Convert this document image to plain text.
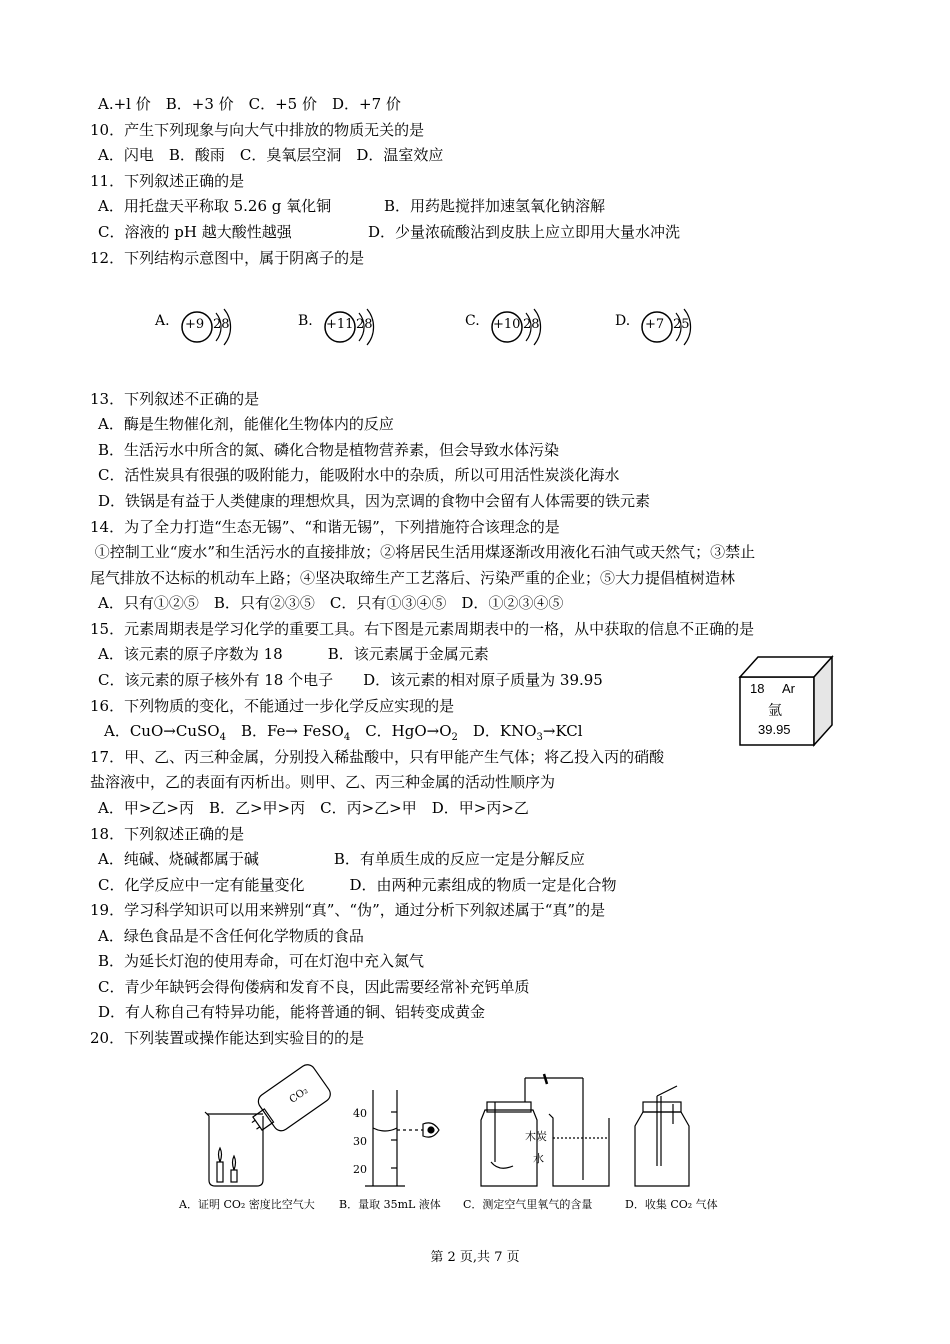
A.+l 价　B．+3 价　C．+5 价　D．+7 价
10．产生下列现象与向大气中排放的物质无关的是
A．闪电　B．酸雨　C．臭氧层空洞　D．温室效应
11．下列叙述正确的是
A．用托盘天平称取 5.26 g 氧化铜	B．用药匙搅拌加速氢氧化钠溶解
C．溶液的 pH 越大酸性越强	D．少量浓硫酸沾到皮肤上应立即用大量水冲洗
12．下列结构示意图中，属于阴离子的是
A. +9 28	B. +11 28	C. +10 28	D. +7 25
13．下列叙述不正确的是
A．酶是生物催化剂，能催化生物体内的反应
B．生活污水中所含的氮、磷化合物是植物营养素，但会导致水体污染
C．活性炭具有很强的吸附能力，能吸附水中的杂质，所以可用活性炭淡化海水
D．铁锅是有益于人类健康的理想炊具，因为烹调的食物中会留有人体需要的铁元素
14．为了全力打造“生态无锡”、“和谐无锡”，下列措施符合该理念的是
①控制工业“废水”和生活污水的直接排放；②将居民生活用煤逐渐改用液化石油气或天然气；③禁止
尾气排放不达标的机动车上路；④坚决取缔生产工艺落后、污染严重的企业；⑤大力提倡植树造林
A．只有①②⑤　B．只有②③⑤　C．只有①③④⑤　D．①②③④⑤
15．元素周期表是学习化学的重要工具。右下图是元素周期表中的一格，从中获取的信息不正确的是
A．该元素的原子序数为 18　　　B．该元素属于金属元素
C．该元素的原子核外有 18 个电子　　D．该元素的相对原子质量为 39.95	18 Ar
氩
39.95
16．下列物质的变化，不能通过一步化学反应实现的是
A．CuO→CuSO$_4$　B．Fe→ FeSO$_4$　C．$HgO\to O_2$　D．$KNO_3\to KCl$
17．甲、乙、丙三种金属，分别投入稀盐酸中，只有甲能产生气体；将乙投入丙的硝酸
盐溶液中，乙的表面有丙析出。则甲、乙、丙三种金属的活动性顺序为
A．甲>乙>丙　B．乙>甲>丙　C．丙>乙>甲　D．甲>丙>乙
18．下列叙述正确的是
A．纯碱、烧碱都属于碱　　　　　B．有单质生成的反应一定是分解反应
C．化学反应中一定有能量变化　　　D．由两种元素组成的物质一定是化合物
19．学习科学知识可以用来辨别“真”、“伪”，通过分析下列叙述属于“真”的是
A．绿色食品是不含任何化学物质的食品
B．为延长灯泡的使用寿命，可在灯泡中充入氮气
C．青少年缺钙会得佝偻病和发育不良，因此需要经常补充钙单质
D．有人称自己有特异功能，能将普通的铜、铝转变成黄金
20．下列装置或操作能达到实验目的的是
CO₂
40
30
20
木炭
水
A．证明 CO₂ 密度比空气大 B．量取 35mL 液体 C．测定空气里氧气的含量	D．收集 CO₂ 气体
第 2 页,共 7 页
